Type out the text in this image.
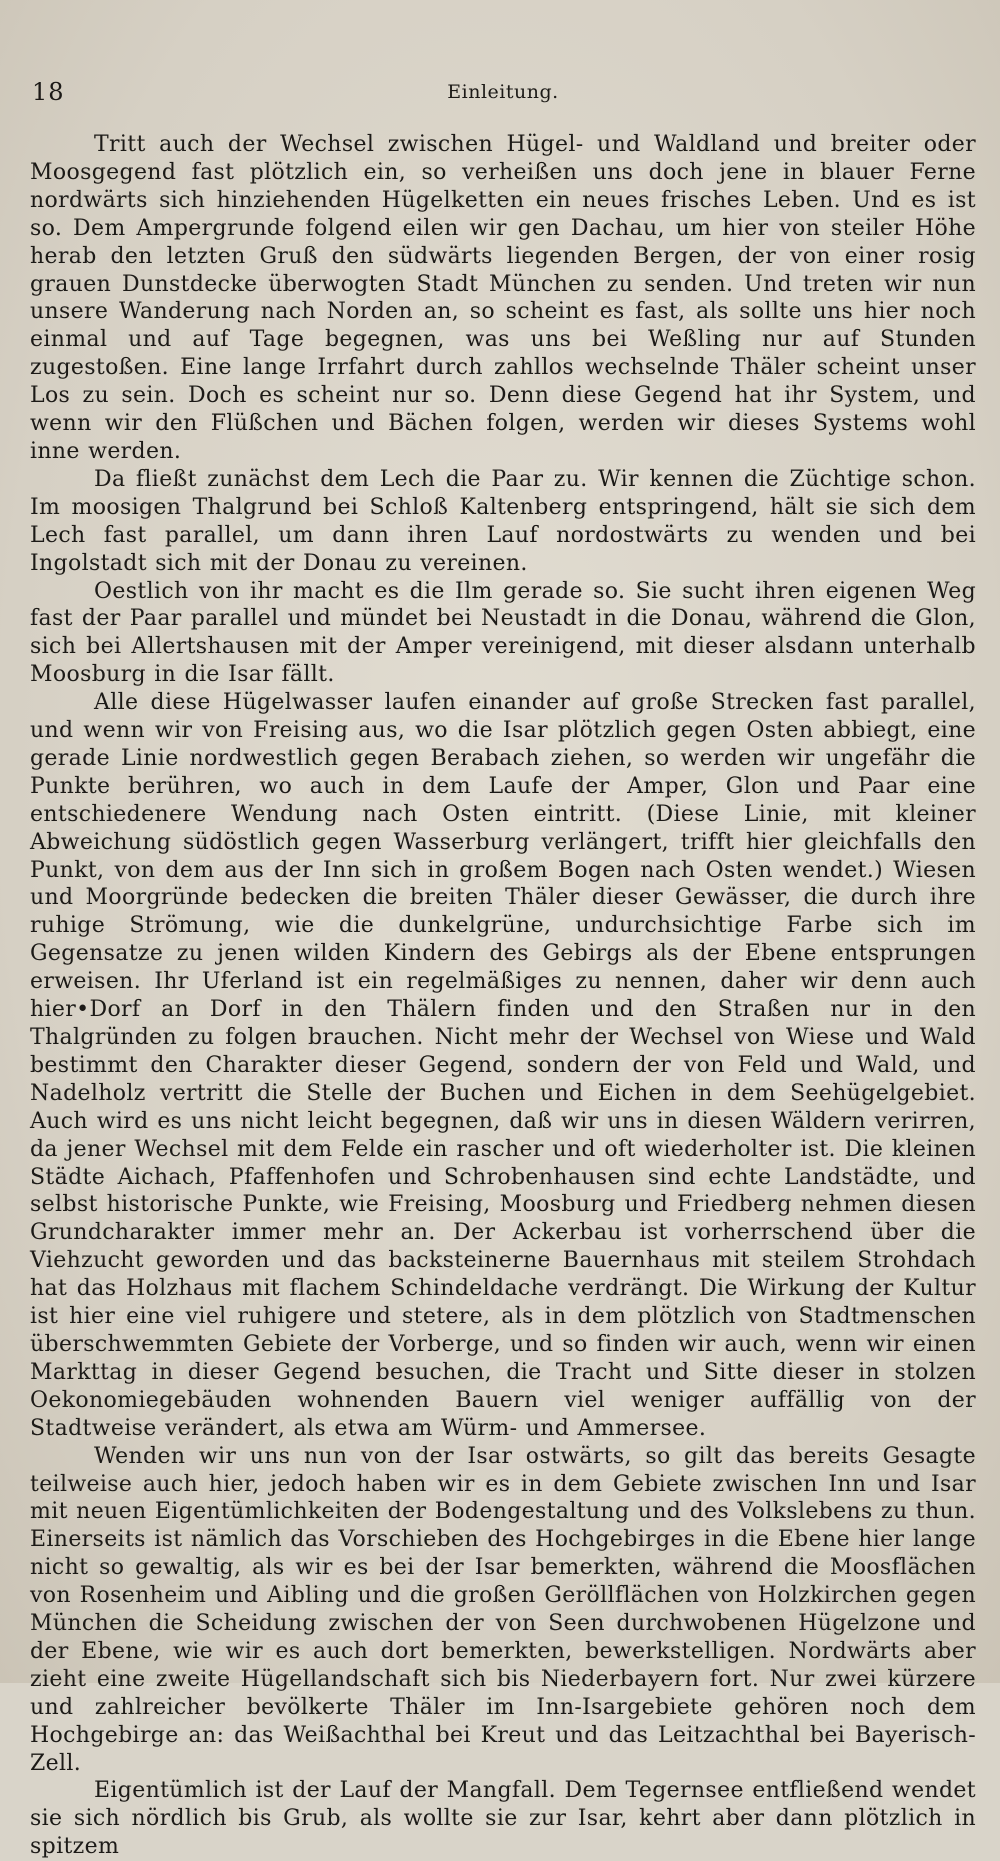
18	Einleitung.

Tritt auch der Wechsel zwischen Hügel- und Waldland und breiter oder Moosgegend fast plötzlich ein, so verheißen uns doch jene in blauer Ferne nordwärts sich hinziehenden Hügelketten ein neues frisches Leben. Und es ist so. Dem Ampergrunde folgend eilen wir gen Dachau, um hier von steiler Höhe herab den letzten Gruß den südwärts liegenden Bergen, der von einer rosig grauen Dunstdecke überwogten Stadt München zu senden. Und treten wir nun unsere Wanderung nach Norden an, so scheint es fast, als sollte uns hier noch einmal und auf Tage begegnen, was uns bei Weßling nur auf Stunden zugestoßen. Eine lange Irrfahrt durch zahllos wechselnde Thäler scheint unser Los zu sein. Doch es scheint nur so. Denn diese Gegend hat ihr System, und wenn wir den Flüßchen und Bächen folgen, werden wir dieses Systems wohl inne werden.

Da fließt zunächst dem Lech die Paar zu. Wir kennen die Züchtige schon. Im moosigen Thalgrund bei Schloß Kaltenberg entspringend, hält sie sich dem Lech fast parallel, um dann ihren Lauf nordostwärts zu wenden und bei Ingolstadt sich mit der Donau zu vereinen.

Oestlich von ihr macht es die Ilm gerade so. Sie sucht ihren eigenen Weg fast der Paar parallel und mündet bei Neustadt in die Donau, während die Glon, sich bei Allertshausen mit der Amper vereinigend, mit dieser alsdann unterhalb Moosburg in die Isar fällt.

Alle diese Hügelwasser laufen einander auf große Strecken fast parallel, und wenn wir von Freising aus, wo die Isar plötzlich gegen Osten abbiegt, eine gerade Linie nordwestlich gegen Berabach ziehen, so werden wir ungefähr die Punkte berühren, wo auch in dem Laufe der Amper, Glon und Paar eine entschiedenere Wendung nach Osten eintritt. (Diese Linie, mit kleiner Abweichung südöstlich gegen Wasserburg verlängert, trifft hier gleichfalls den Punkt, von dem aus der Inn sich in großem Bogen nach Osten wendet.) Wiesen und Moorgründe bedecken die breiten Thäler dieser Gewässer, die durch ihre ruhige Strömung, wie die dunkelgrüne, undurchsichtige Farbe sich im Gegensatze zu jenen wilden Kindern des Gebirgs als der Ebene entsprungen erweisen. Ihr Uferland ist ein regelmäßiges zu nennen, daher wir denn auch hier•Dorf an Dorf in den Thälern finden und den Straßen nur in den Thalgründen zu folgen brauchen. Nicht mehr der Wechsel von Wiese und Wald bestimmt den Charakter dieser Gegend, sondern der von Feld und Wald, und Nadelholz vertritt die Stelle der Buchen und Eichen in dem Seehügelgebiet. Auch wird es uns nicht leicht begegnen, daß wir uns in diesen Wäldern verirren, da jener Wechsel mit dem Felde ein rascher und oft wiederholter ist. Die kleinen Städte Aichach, Pfaffenhofen und Schrobenhausen sind echte Landstädte, und selbst historische Punkte, wie Freising, Moosburg und Friedberg nehmen diesen Grundcharakter immer mehr an. Der Ackerbau ist vorherrschend über die Viehzucht geworden und das backsteinerne Bauernhaus mit steilem Strohdach hat das Holzhaus mit flachem Schindeldache verdrängt. Die Wirkung der Kultur ist hier eine viel ruhigere und stetere, als in dem plötzlich von Stadtmenschen überschwemmten Gebiete der Vorberge, und so finden wir auch, wenn wir einen Markttag in dieser Gegend besuchen, die Tracht und Sitte dieser in stolzen Oekonomiegebäuden wohnenden Bauern viel weniger auffällig von der Stadtweise verändert, als etwa am Würm- und Ammersee.

Wenden wir uns nun von der Isar ostwärts, so gilt das bereits Gesagte teilweise auch hier, jedoch haben wir es in dem Gebiete zwischen Inn und Isar mit neuen Eigentümlichkeiten der Bodengestaltung und des Volkslebens zu thun. Einerseits ist nämlich das Vorschieben des Hochgebirges in die Ebene hier lange nicht so gewaltig, als wir es bei der Isar bemerkten, während die Moosflächen von Rosenheim und Aibling und die großen Geröllflächen von Holzkirchen gegen München die Scheidung zwischen der von Seen durchwobenen Hügelzone und der Ebene, wie wir es auch dort bemerkten, bewerkstelligen. Nordwärts aber zieht eine zweite Hügellandschaft sich bis Niederbayern fort. Nur zwei kürzere und zahlreicher bevölkerte Thäler im Inn-Isargebiete gehören noch dem Hochgebirge an: das Weißachthal bei Kreut und das Leitzachthal bei Bayerisch-Zell.

Eigentümlich ist der Lauf der Mangfall. Dem Tegernsee entfließend wendet sie sich nördlich bis Grub, als wollte sie zur Isar, kehrt aber dann plötzlich in spitzem
